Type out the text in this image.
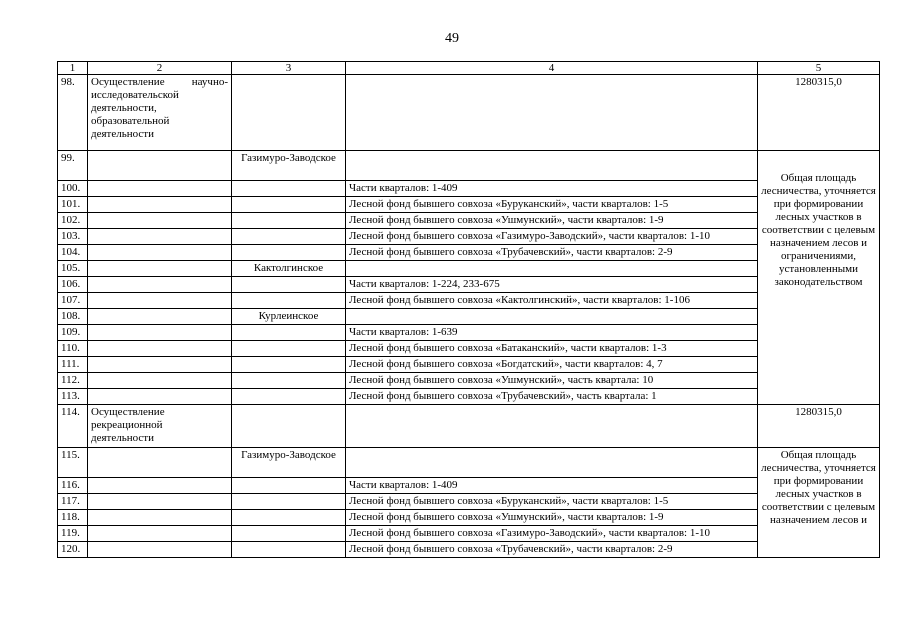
49
1	2	3	4	5
98.	Осуществление научно-исследовательской деятельности, образовательной деятельности			1280315,0
99.		Газимуро-Заводское		Общая площадь лесничества, уточняется при формировании лесных участков в соответствии с целевым назначением лесов и ограничениями, установленными законодательством

100.			Части кварталов: 1-409	
101.			Лесной фонд бывшего совхоза «Буруканский», части кварталов: 1-5	
102.			Лесной фонд бывшего совхоза «Ушмунский», части кварталов: 1-9	
103.			Лесной фонд бывшего совхоза «Газимуро-Заводский», части кварталов: 1-10	
104.			Лесной фонд бывшего совхоза «Трубачевский», части кварталов: 2-9	
105.		Кактолгинское		
106.			Части кварталов: 1-224, 233-675	
107.			Лесной фонд бывшего совхоза «Кактолгинский», части кварталов: 1-106	
108.		Курлеинское		
109.			Части кварталов: 1-639	
110.			Лесной фонд бывшего совхоза «Батаканский», части кварталов: 1-3	
111.			Лесной фонд бывшего совхоза «Богдатский», части кварталов: 4, 7	
112.			Лесной фонд бывшего совхоза «Ушмунский», часть квартала: 10	
113.			Лесной фонд бывшего совхоза «Трубачевский», часть квартала: 1	
114.	Осуществление рекреационной деятельности			1280315,0
115.		Газимуро-Заводское		Общая площадь лесничества, уточняется при формировании лесных участков в соответствии с целевым назначением лесов и

116.			Части кварталов: 1-409	
117.			Лесной фонд бывшего совхоза «Буруканский», части кварталов: 1-5	
118.			Лесной фонд бывшего совхоза «Ушмунский», части кварталов: 1-9	
119.			Лесной фонд бывшего совхоза «Газимуро-Заводский», части кварталов: 1-10	
120.			Лесной фонд бывшего совхоза «Трубачевский», части кварталов: 2-9	
